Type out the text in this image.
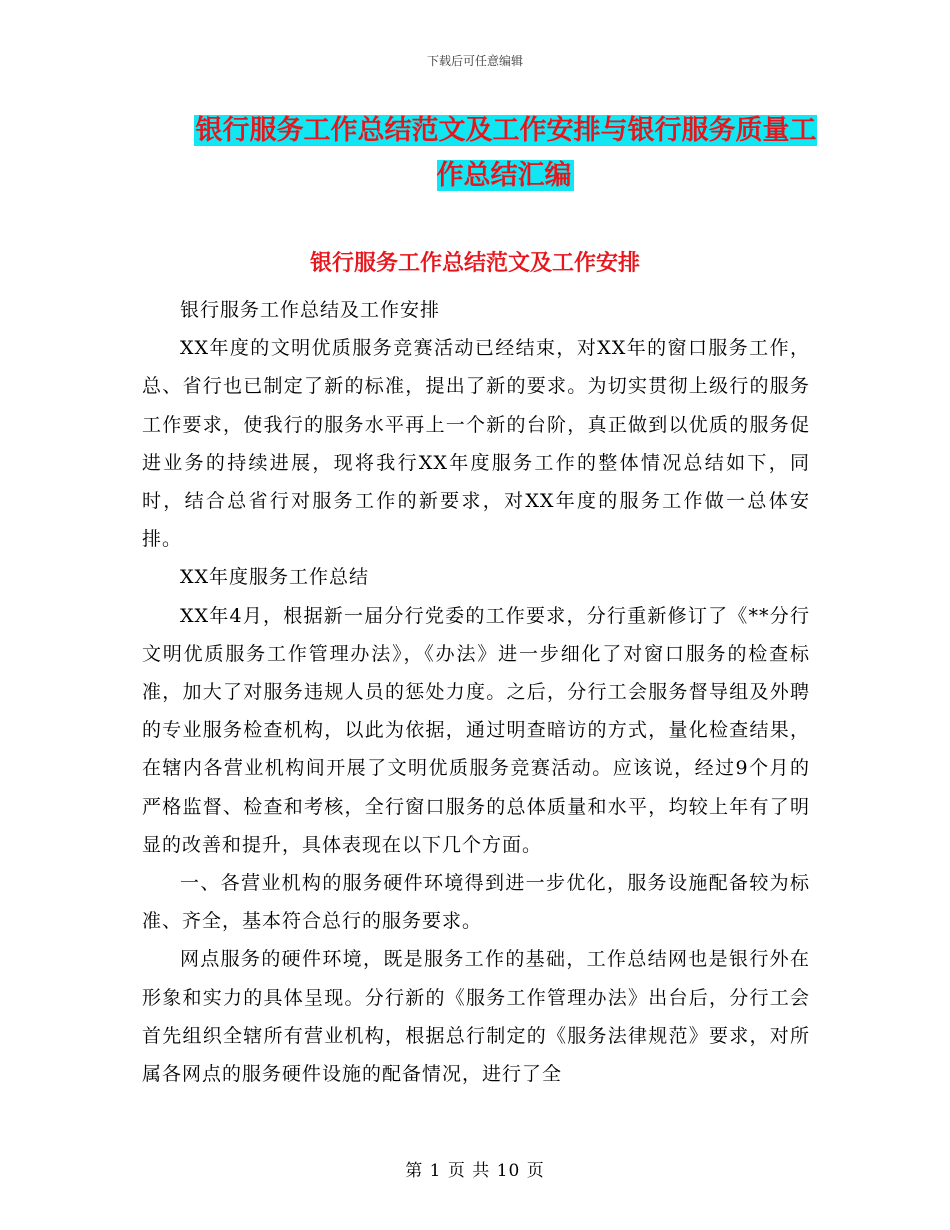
下载后可任意编辑
银行服务工作总结范文及工作安排与银行服务质量工作总结汇编
银行服务工作总结范文及工作安排

银行服务工作总结及工作安排

XX年度的文明优质服务竞赛活动已经结束，对XX年的窗口服务工作，总、省行也已制定了新的标准，提出了新的要求。为切实贯彻上级行的服务工作要求，使我行的服务水平再上一个新的台阶，真正做到以优质的服务促进业务的持续进展，现将我行XX年度服务工作的整体情况总结如下，同时，结合总省行对服务工作的新要求，对XX年度的服务工作做一总体安排。

XX年度服务工作总结

XX年4月，根据新一届分行党委的工作要求，分行重新修订了《**分行文明优质服务工作管理办法》，《办法》进一步细化了对窗口服务的检查标准，加大了对服务违规人员的惩处力度。之后，分行工会服务督导组及外聘的专业服务检查机构，以此为依据，通过明查暗访的方式，量化检查结果，在辖内各营业机构间开展了文明优质服务竞赛活动。应该说，经过9个月的严格监督、检查和考核，全行窗口服务的总体质量和水平，均较上年有了明显的改善和提升，具体表现在以下几个方面。

一、各营业机构的服务硬件环境得到进一步优化，服务设施配备较为标准、齐全，基本符合总行的服务要求。

网点服务的硬件环境，既是服务工作的基础，工作总结网也是银行外在形象和实力的具体呈现。分行新的《服务工作管理办法》出台后，分行工会首先组织全辖所有营业机构，根据总行制定的《服务法律规范》要求，对所属各网点的服务硬件设施的配备情况，进行了全

第 1 页 共 10 页
